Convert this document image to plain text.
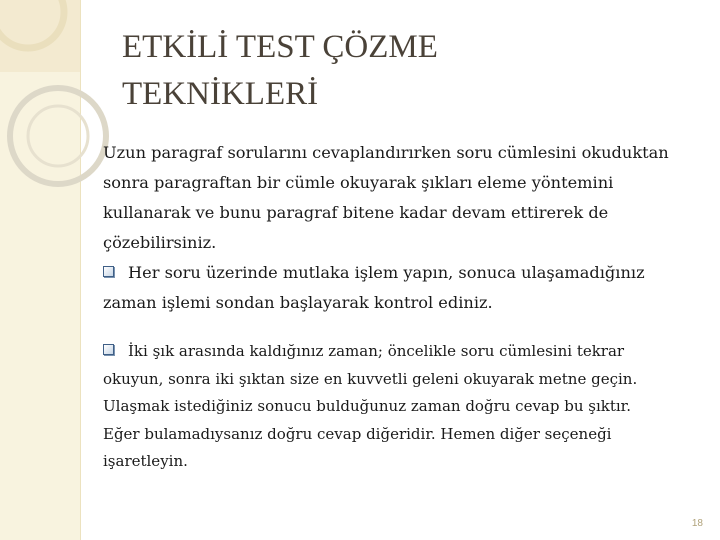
ETKİLİ TEST ÇÖZME
TEKNİKLERİ
Uzun paragraf sorularını cevaplandırırken soru cümlesini okuduktan
sonra paragraftan bir cümle okuyarak şıkları eleme yöntemini
kullanarak ve bunu paragraf bitene kadar devam ettirerek de
çözebilirsiniz.
Her soru üzerinde mutlaka işlem yapın, sonuca ulaşamadığınız
zaman işlemi sondan başlayarak kontrol ediniz.
İki şık arasında kaldığınız zaman; öncelikle soru cümlesini tekrar
okuyun, sonra iki şıktan size en kuvvetli geleni okuyarak metne geçin.
Ulaşmak istediğiniz sonucu bulduğunuz zaman doğru cevap bu şıktır.
Eğer bulamadıysanız doğru cevap diğeridir. Hemen diğer seçeneği
işaretleyin.
18
